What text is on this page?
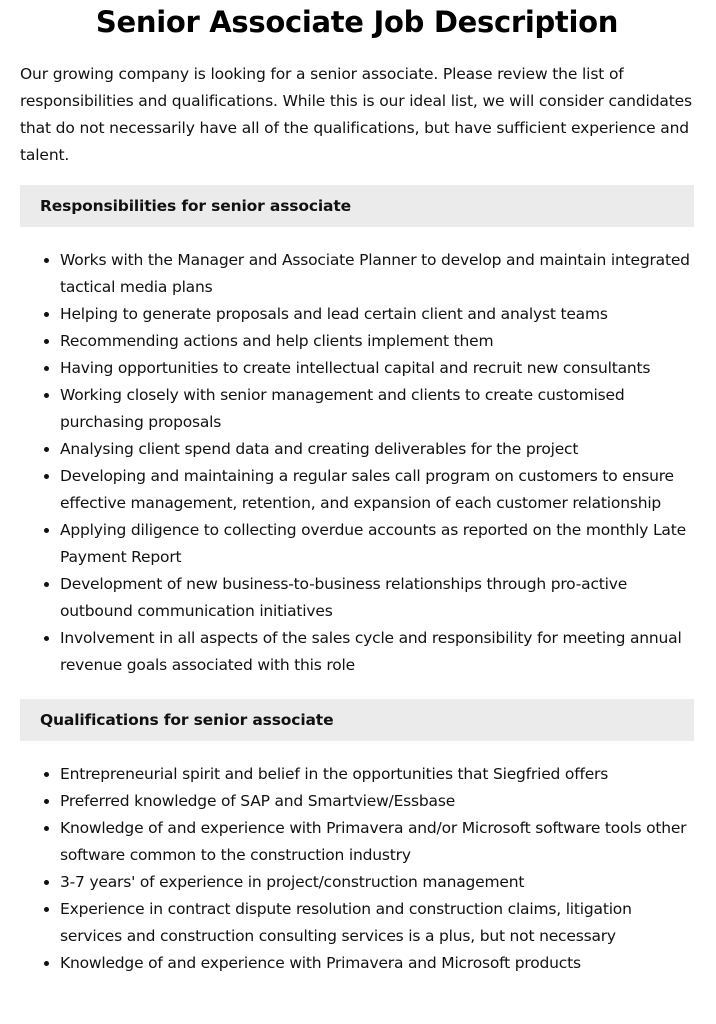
Senior Associate Job Description

Our growing company is looking for a senior associate. Please review the list of responsibilities and qualifications. While this is our ideal list, we will consider candidates that do not necessarily have all of the qualifications, but have sufficient experience and talent.

Responsibilities for senior associate
• Works with the Manager and Associate Planner to develop and maintain integrated tactical media plans
• Helping to generate proposals and lead certain client and analyst teams
• Recommending actions and help clients implement them
• Having opportunities to create intellectual capital and recruit new consultants
• Working closely with senior management and clients to create customised purchasing proposals
• Analysing client spend data and creating deliverables for the project
• Developing and maintaining a regular sales call program on customers to ensure effective management, retention, and expansion of each customer relationship
• Applying diligence to collecting overdue accounts as reported on the monthly Late Payment Report
• Development of new business-to-business relationships through pro-active outbound communication initiatives
• Involvement in all aspects of the sales cycle and responsibility for meeting annual revenue goals associated with this role
Qualifications for senior associate
• Entrepreneurial spirit and belief in the opportunities that Siegfried offers
• Preferred knowledge of SAP and Smartview/Essbase
• Knowledge of and experience with Primavera and/or Microsoft software tools other software common to the construction industry
• 3-7 years' of experience in project/construction management
• Experience in contract dispute resolution and construction claims, litigation services and construction consulting services is a plus, but not necessary
• Knowledge of and experience with Primavera and Microsoft products
